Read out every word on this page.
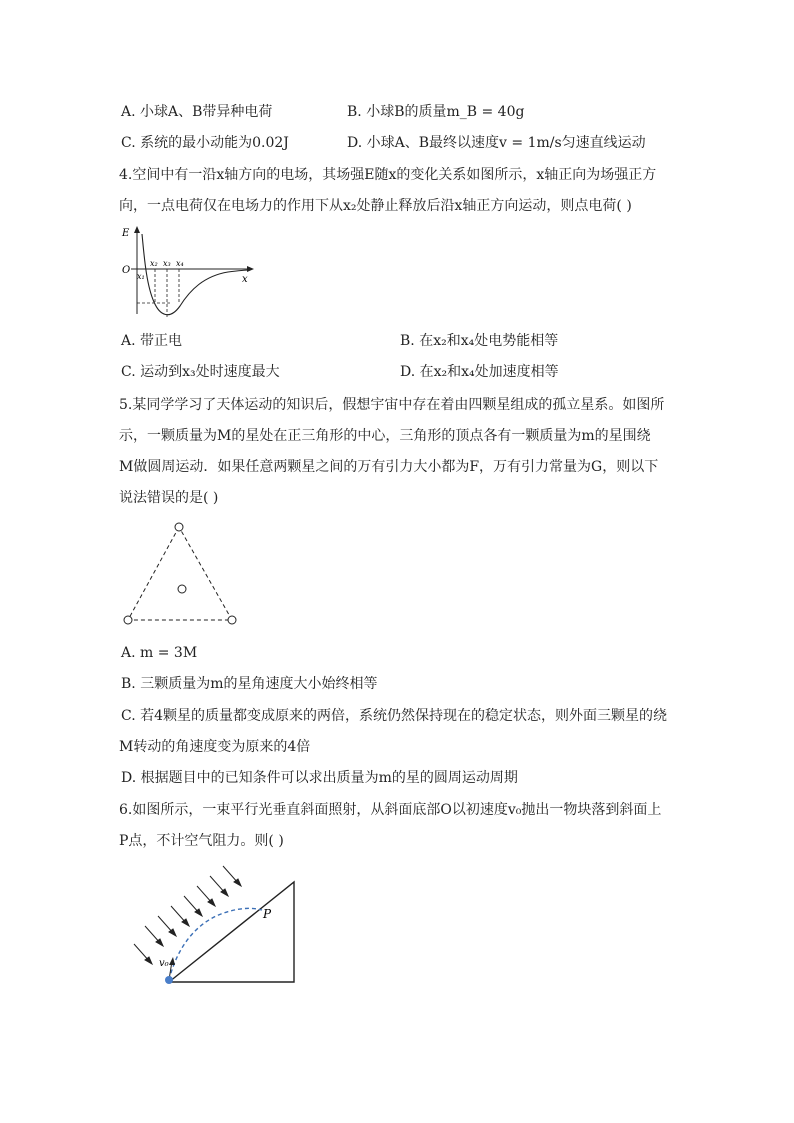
A. 小球A、B带异种电荷	B. 小球B的质量m_B = 40g
C. 系统的最小动能为0.02J	D. 小球A、B最终以速度v = 1m/s匀速直线运动
4.空间中有一沿x轴方向的电场，其场强E随x的变化关系如图所示，x轴正向为场强正方
向，一点电荷仅在电场力的作用下从x₂处静止释放后沿x轴正方向运动，则点电荷( )
E
O
x₁
x₂ x₃ x₄
x
A. 带正电	B. 在x₂和x₄处电势能相等
C. 运动到x₃处时速度最大	D. 在x₂和x₄处加速度相等
5.某同学学习了天体运动的知识后，假想宇宙中存在着由四颗星组成的孤立星系。如图所
示，一颗质量为M的星处在正三角形的中心，三角形的顶点各有一颗质量为m的星围绕
M做圆周运动．如果任意两颗星之间的万有引力大小都为F，万有引力常量为G，则以下
说法错误的是( )
A. m = 3M
B. 三颗质量为m的星角速度大小始终相等
C. 若4颗星的质量都变成原来的两倍，系统仍然保持现在的稳定状态，则外面三颗星的绕
M转动的角速度变为原来的4倍
D. 根据题目中的已知条件可以求出质量为m的星的圆周运动周期
6.如图所示，一束平行光垂直斜面照射，从斜面底部O以初速度v₀抛出一物块落到斜面上
P点，不计空气阻力。则( )
v₀
P
